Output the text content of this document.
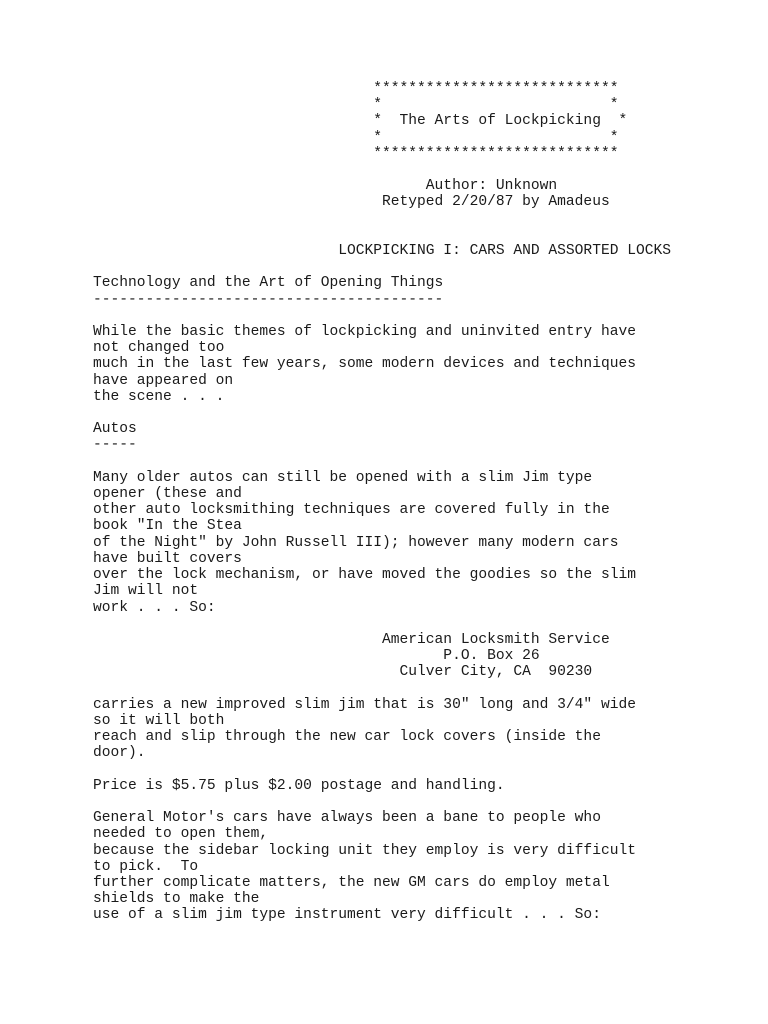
****************************
*                          *
*  The Arts of Lockpicking  *
*                          *
****************************

Author: Unknown
Retyped 2/20/87 by Amadeus

LOCKPICKING I: CARS AND ASSORTED LOCKS

Technology and the Art of Opening Things
----------------------------------------

While the basic themes of lockpicking and uninvited entry have
not changed too
much in the last few years, some modern devices and techniques
have appeared on
the scene . . .

Autos
-----

Many older autos can still be opened with a slim Jim type
opener (these and
other auto locksmithing techniques are covered fully in the
book "In the Stea
of the Night" by John Russell III); however many modern cars
have built covers
over the lock mechanism, or have moved the goodies so the slim
Jim will not
work . . . So:

American Locksmith Service
P.O. Box 26
Culver City, CA  90230

carries a new improved slim jim that is 30" long and 3/4" wide
so it will both
reach and slip through the new car lock covers (inside the
door).

Price is $5.75 plus $2.00 postage and handling.

General Motor's cars have always been a bane to people who
needed to open them,
because the sidebar locking unit they employ is very difficult
to pick.  To
further complicate matters, the new GM cars do employ metal
shields to make the
use of a slim jim type instrument very difficult . . . So:
